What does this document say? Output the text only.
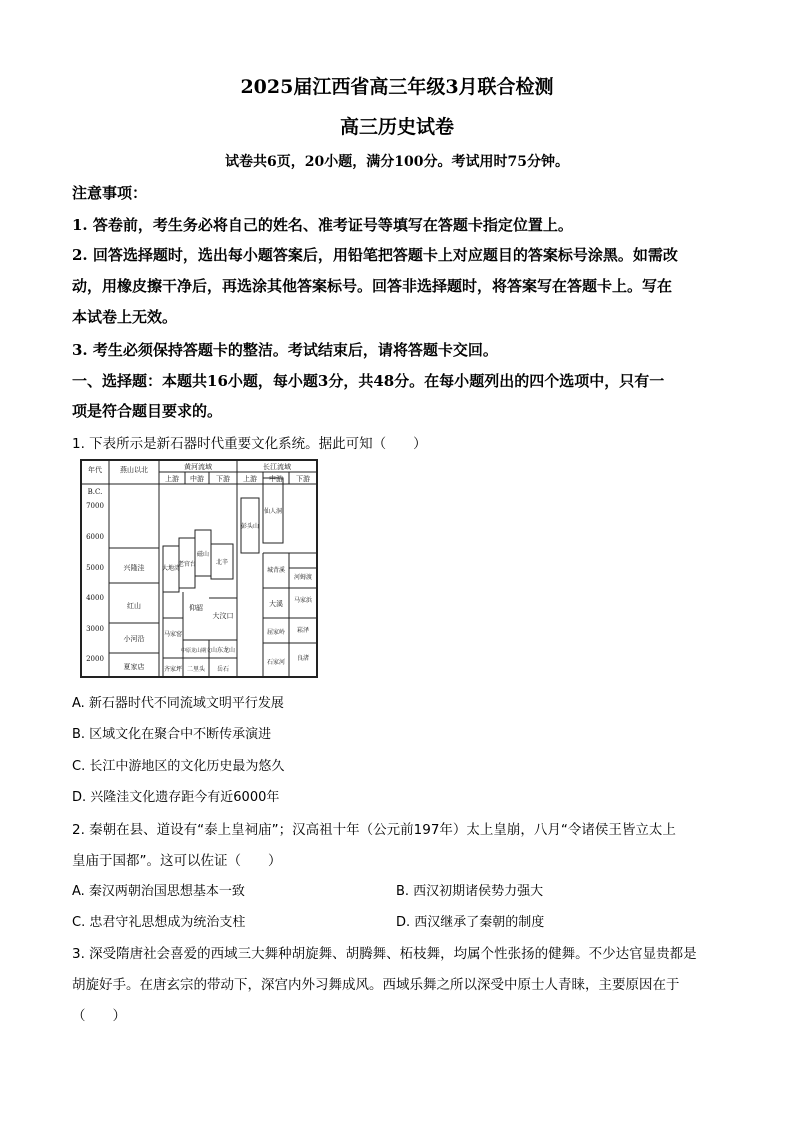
2025届江西省高三年级3月联合检测
高三历史试卷
试卷共6页，20小题，满分100分。考试用时75分钟。
注意事项：
1. 答卷前，考生务必将自己的姓名、准考证号等填写在答题卡指定位置上。
2. 回答选择题时，选出每小题答案后，用铅笔把答题卡上对应题目的答案标号涂黑。如需改
动，用橡皮擦干净后，再选涂其他答案标号。回答非选择题时，将答案写在答题卡上。写在
本试卷上无效。
3. 考生必须保持答题卡的整洁。考试结束后，请将答题卡交回。
一、选择题：本题共16小题，每小题3分，共48分。在每小题列出的四个选项中，只有一
项是符合题目要求的。
1. 下表所示是新石器时代重要文化系统。据此可知（　　）
年代	燕山以北	黄河流域	长江流域
上游 中游 下游 上游 中游 下游
B.C.
7000
6000
5000
4000
3000
2000
兴隆洼
红山
小河沿
夏家店
大地湾
老官台
磁山
北辛
仰韶
大汶口
马家窑
齐家坪
中原龙山期文
二里头
山东龙山
岳石
彭头山
仙人洞
城背溪
大溪
屈家岭
石家河
河姆渡
马家浜
崧泽
良渚
A. 新石器时代不同流域文明平行发展
B. 区域文化在聚合中不断传承演进
C. 长江中游地区的文化历史最为悠久
D. 兴隆洼文化遗存距今有近6000年
2. 秦朝在县、道设有“泰上皇祠庙”；汉高祖十年（公元前197年）太上皇崩，八月“令诸侯王皆立太上
皇庙于国都”。这可以佐证（　　）
A. 秦汉两朝治国思想基本一致	B. 西汉初期诸侯势力强大
C. 忠君守礼思想成为统治支柱	D. 西汉继承了秦朝的制度
3. 深受隋唐社会喜爱的西域三大舞种胡旋舞、胡腾舞、柘枝舞，均属个性张扬的健舞。不少达官显贵都是
胡旋好手。在唐玄宗的带动下，深宫内外习舞成风。西域乐舞之所以深受中原士人青睐，主要原因在于
（　　）
